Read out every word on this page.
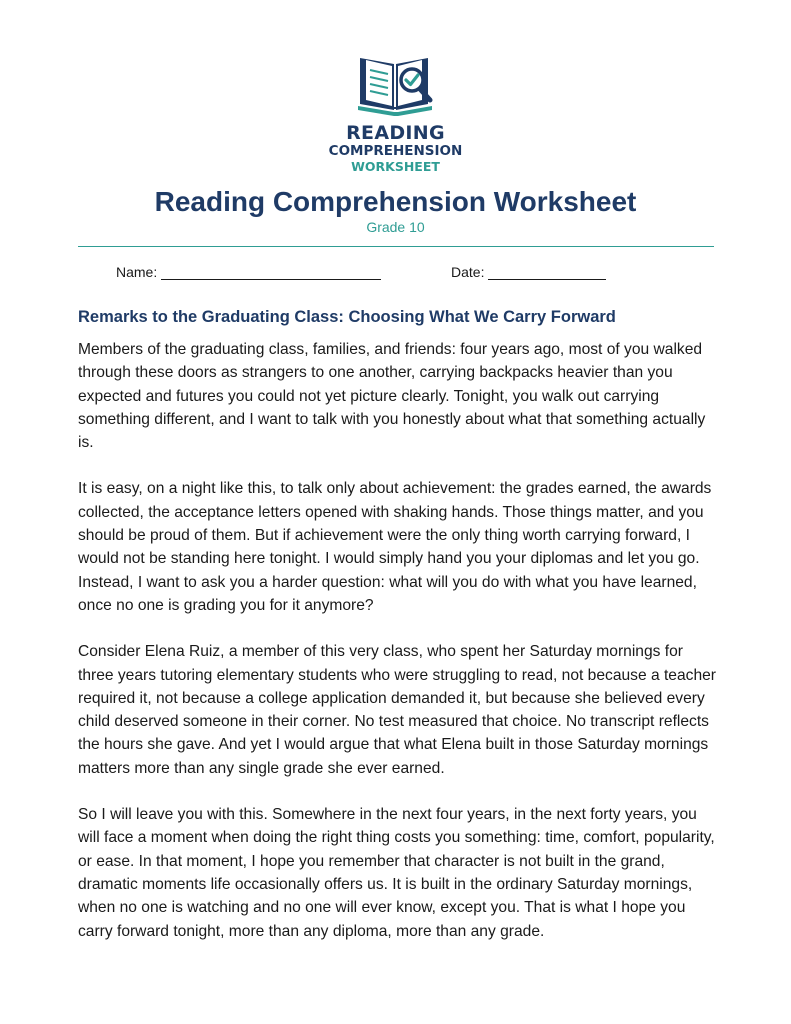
READING
COMPREHENSION
WORKSHEET
Reading Comprehension Worksheet
Grade 10
Name:	Date:
Remarks to the Graduating Class: Choosing What We Carry Forward

Members of the graduating class, families, and friends: four years ago, most of you walked through these doors as strangers to one another, carrying backpacks heavier than you expected and futures you could not yet picture clearly. Tonight, you walk out carrying something different, and I want to talk with you honestly about what that something actually is.

It is easy, on a night like this, to talk only about achievement: the grades earned, the awards collected, the acceptance letters opened with shaking hands. Those things matter, and you should be proud of them. But if achievement were the only thing worth carrying forward, I would not be standing here tonight. I would simply hand you your diplomas and let you go. Instead, I want to ask you a harder question: what will you do with what you have learned, once no one is grading you for it anymore?

Consider Elena Ruiz, a member of this very class, who spent her Saturday mornings for three years tutoring elementary students who were struggling to read, not because a teacher required it, not because a college application demanded it, but because she believed every child deserved someone in their corner. No test measured that choice. No transcript reflects the hours she gave. And yet I would argue that what Elena built in those Saturday mornings matters more than any single grade she ever earned.

So I will leave you with this. Somewhere in the next four years, in the next forty years, you will face a moment when doing the right thing costs you something: time, comfort, popularity, or ease. In that moment, I hope you remember that character is not built in the grand, dramatic moments life occasionally offers us. It is built in the ordinary Saturday mornings, when no one is watching and no one will ever know, except you. That is what I hope you carry forward tonight, more than any diploma, more than any grade.
